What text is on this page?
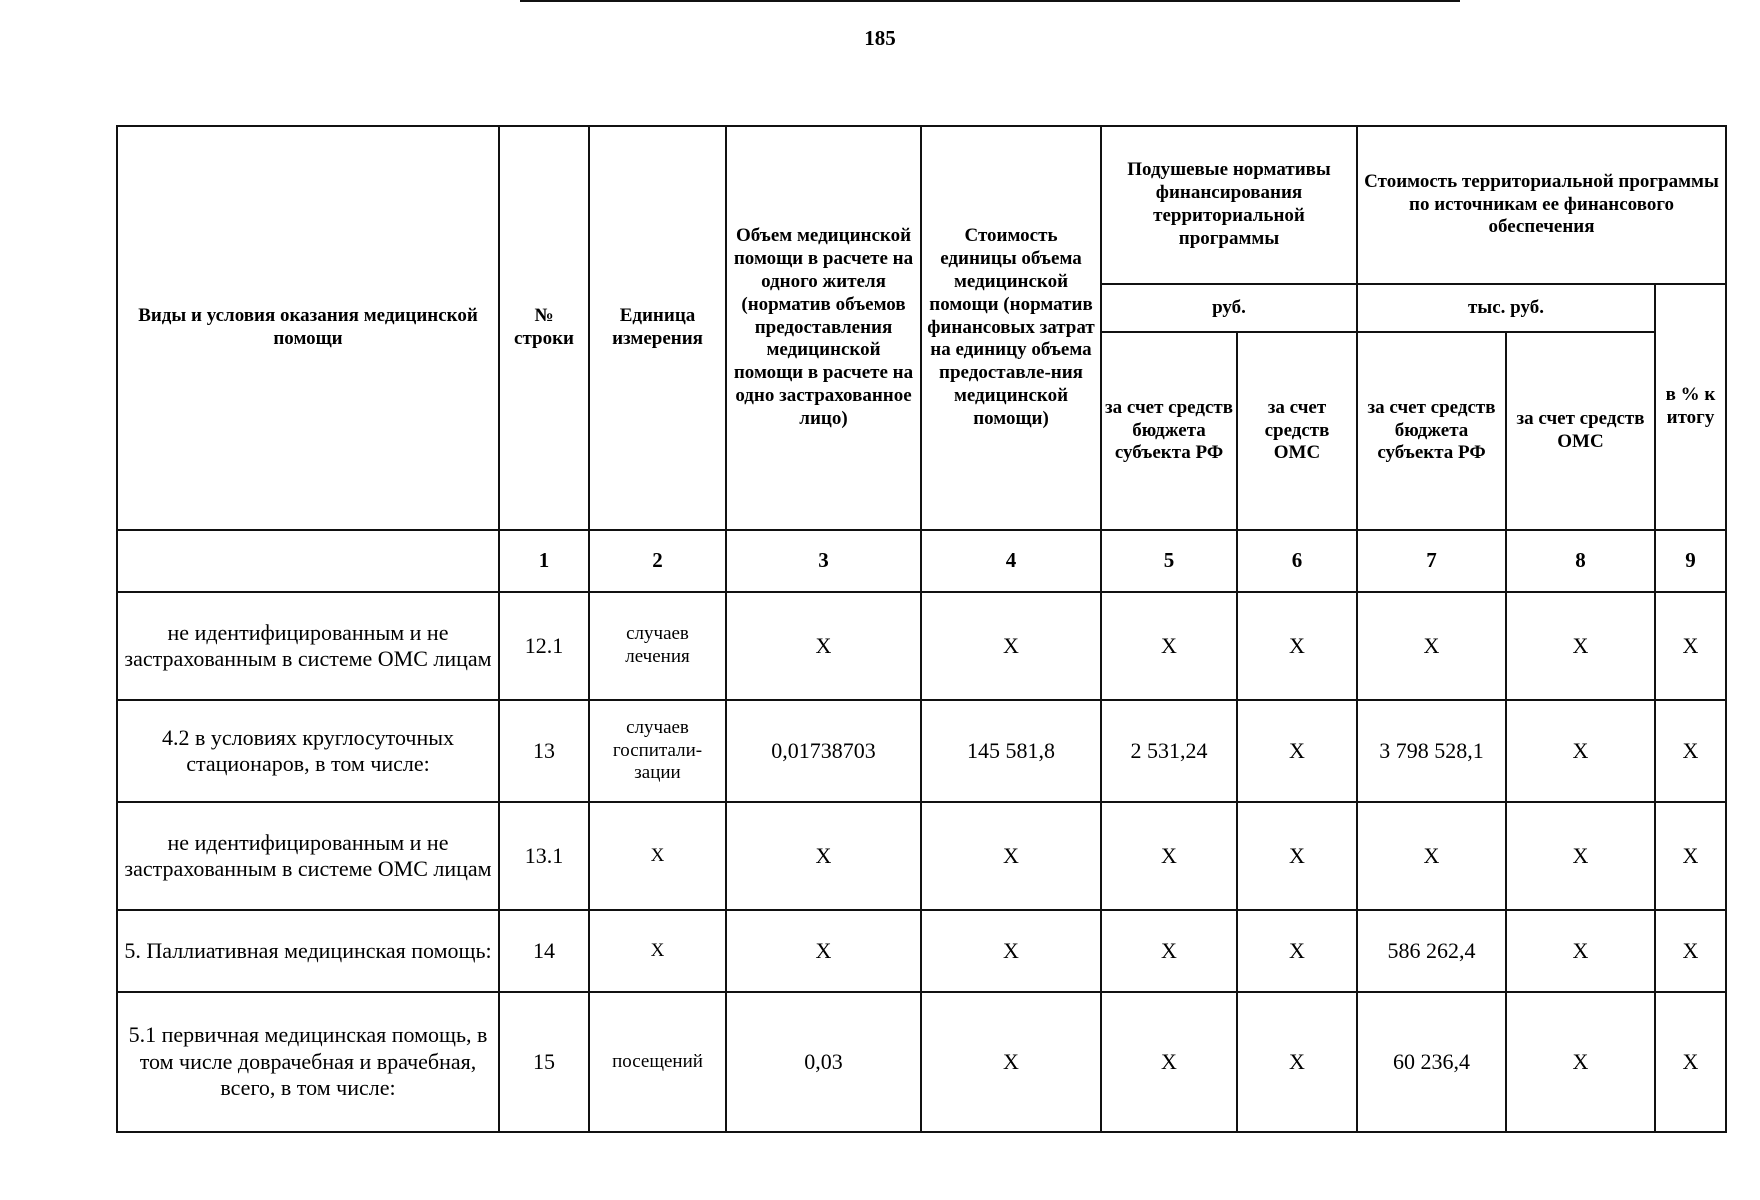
185
Виды и условия оказания медицинской помощи	№ строки	Единица измерения	Объем медицинской помощи в расчете на одного жителя (норматив объемов предоставления медицинской помощи в расчете на одно застрахованное лицо)	Стоимость единицы объема медицинской помощи (норматив финансовых затрат на единицу объема предоставле-ния медицинской помощи)	Подушевые нормативы финансирования территориальной программы		Стоимость территориальной программы по источникам ее финансового обеспечения		
					руб.		тыс. руб.		в % к итогу
					за счет средств бюджета субъекта РФ	за счет средств ОМС	за счет средств бюджета субъекта РФ	за счет средств ОМС	
	1	2	3	4	5	6	7	8	9
не идентифицированным и не застрахованным в системе ОМС лицам	12.1	случаев лечения	X	X	X	X	X	X	X
4.2 в условиях круглосуточных стационаров, в том числе:	13	случаев госпитали-зации	0,01738703	145 581,8	2 531,24	X	3 798 528,1	X	X
не идентифицированным и не застрахованным в системе ОМС лицам	13.1	X	X	X	X	X	X	X	X
5. Паллиативная медицинская помощь:	14	X	X	X	X	X	586 262,4	X	X
5.1 первичная медицинская помощь, в том числе доврачебная и врачебная, всего, в том числе:	15	посещений	0,03	X	X	X	60 236,4	X	X
